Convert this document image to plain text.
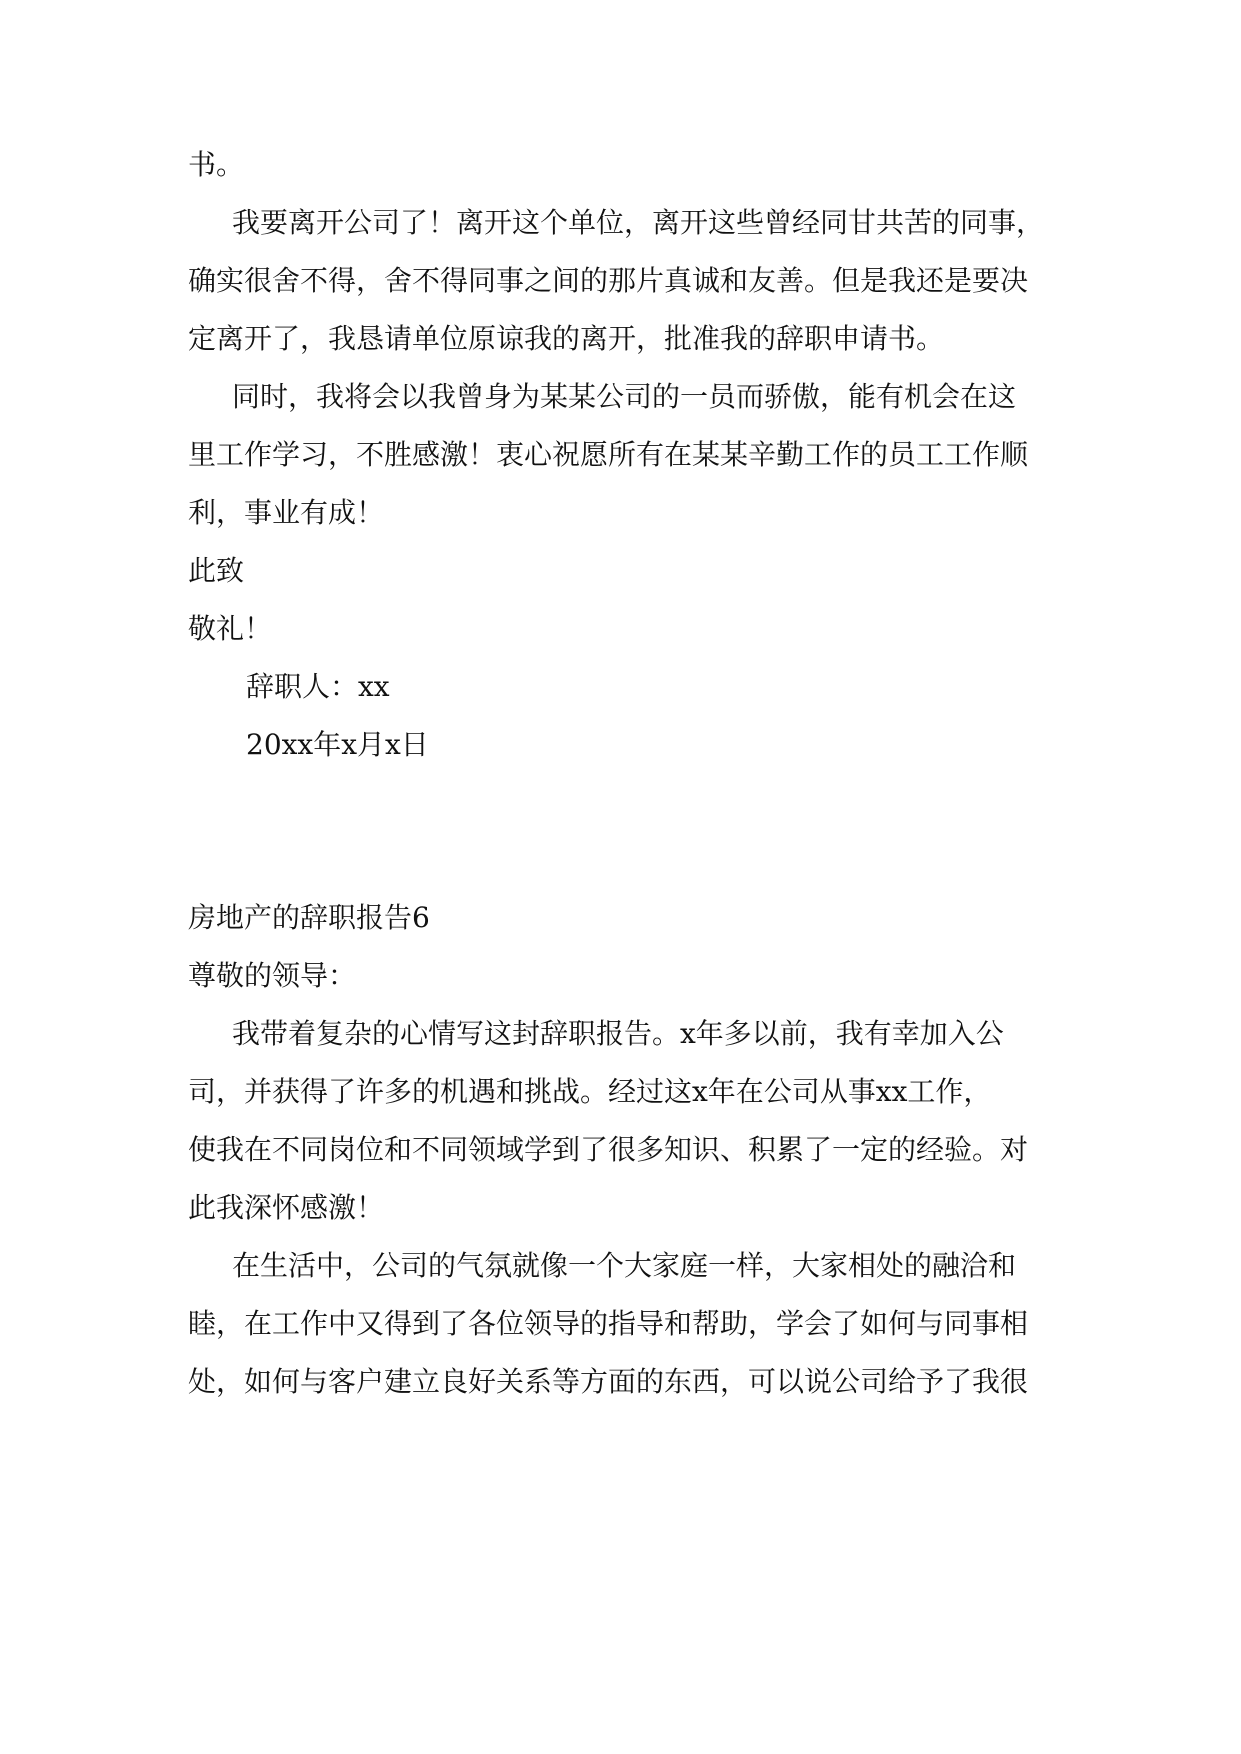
书。
我要离开公司了！离开这个单位，离开这些曾经同甘共苦的同事，
确实很舍不得，舍不得同事之间的那片真诚和友善。但是我还是要决
定离开了，我恳请单位原谅我的离开，批准我的辞职申请书。
同时，我将会以我曾身为某某公司的一员而骄傲，能有机会在这
里工作学习，不胜感激！衷心祝愿所有在某某辛勤工作的员工工作顺
利，事业有成！
此致
敬礼！
辞职人：xx
20xx年x月x日
房地产的辞职报告6
尊敬的领导：
我带着复杂的心情写这封辞职报告。x年多以前，我有幸加入公
司，并获得了许多的机遇和挑战。经过这x年在公司从事xx工作，
使我在不同岗位和不同领域学到了很多知识、积累了一定的经验。对
此我深怀感激！
在生活中，公司的气氛就像一个大家庭一样，大家相处的融洽和
睦，在工作中又得到了各位领导的指导和帮助，学会了如何与同事相
处，如何与客户建立良好关系等方面的东西，可以说公司给予了我很
